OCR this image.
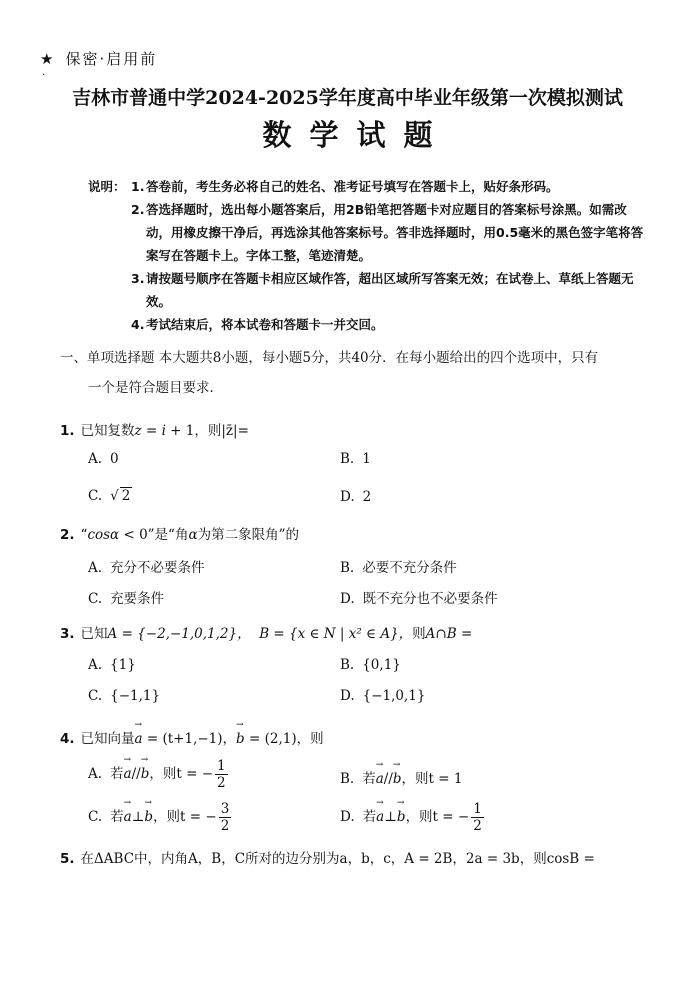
★ 保密·启用前
·
吉林市普通中学2024-2025学年度高中毕业年级第一次模拟测试
数学试题
说明： 1. 答卷前，考生务必将自己的姓名、准考证号填写在答题卡上，贴好条形码。
2. 答选择题时，选出每小题答案后，用2B铅笔把答题卡对应题目的答案标号涂黑。如需改动，用橡皮擦干净后，再选涂其他答案标号。答非选择题时，用0.5毫米的黑色签字笔将答案写在答题卡上。字体工整，笔迹清楚。
3. 请按题号顺序在答题卡相应区域作答，超出区域所写答案无效；在试卷上、草纸上答题无效。
4. 考试结束后，将本试卷和答题卡一并交回。
一、单项选择题 本大题共8小题，每小题5分，共40分．在每小题给出的四个选项中，只有
一个是符合题目要求．
1. 已知复数z = i + 1，则|z̄|=
A. 0	B. 1
C. √ 2	D. 2
2. “cosα < 0”是“角α为第二象限角”的
A. 充分不必要条件	B. 必要不充分条件
C. 充要条件	D. 既不充分也不必要条件
3. 已知A = {−2,−1,0,1,2}， B = {x ∈ N | x² ∈ A}，则A∩B =
A. {1}	B. {0,1}
C. {−1,1}	D. {−1,0,1}
4. 已知向量→ a = (t+1,−1)，→ b = (2,1)，则
A. 若→ a//→ b，则t = − $\frac{1}{2}$	B. 若→ a//→ b，则t = 1
C. 若→ a⊥→ b，则t = − $\frac{3}{2}$	D. 若→ a⊥→ b，则t = − $\frac{1}{2}$
5. 在ΔABC中，内角A，B，C所对的边分别为a，b，c，A = 2B，2a = 3b，则cosB =
